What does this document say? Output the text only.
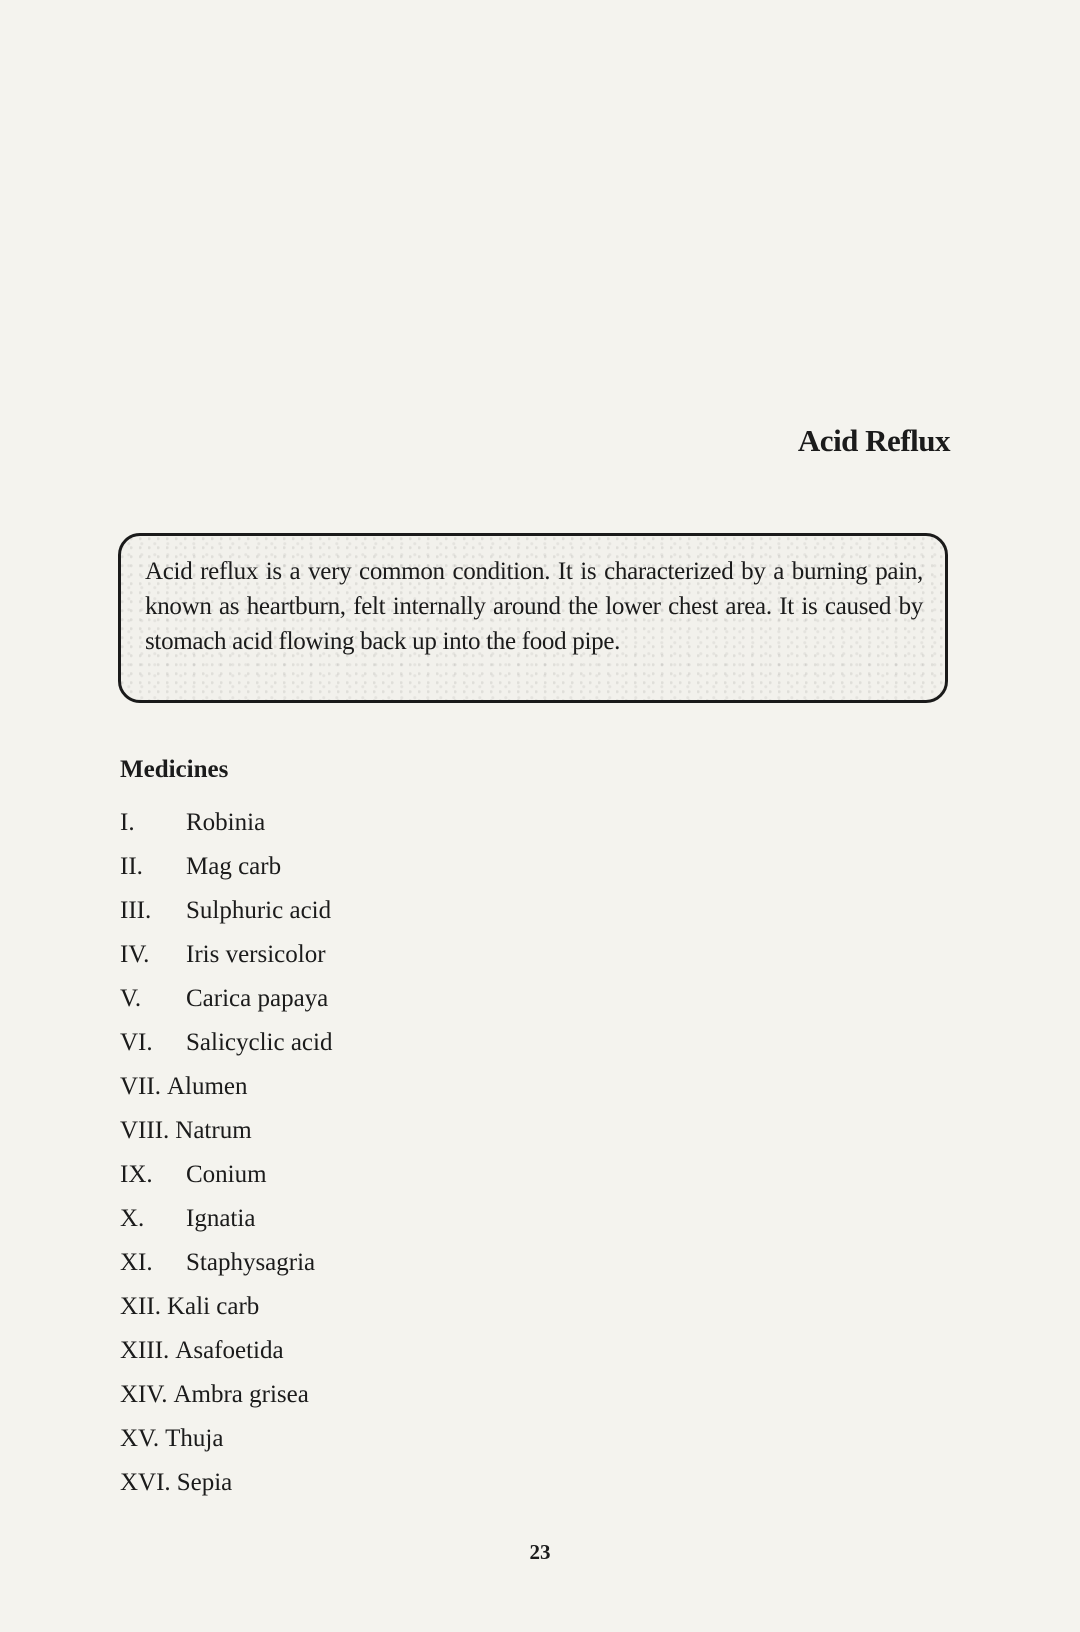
Acid Reflux

Acid reflux is a very common condition. It is characterized by a burning pain, known as heartburn, felt internally around the lower chest area. It is caused by stomach acid flowing back up into the food pipe.

Medicines
I. Robinia
II. Mag carb
III. Sulphuric acid
IV. Iris versicolor
V. Carica papaya
VI. Salicyclic acid
VII. Alumen
VIII. Natrum
IX. Conium
X. Ignatia
XI. Staphysagria
XII. Kali carb
XIII. Asafoetida
XIV. Ambra grisea
XV. Thuja
XVI. Sepia
23
